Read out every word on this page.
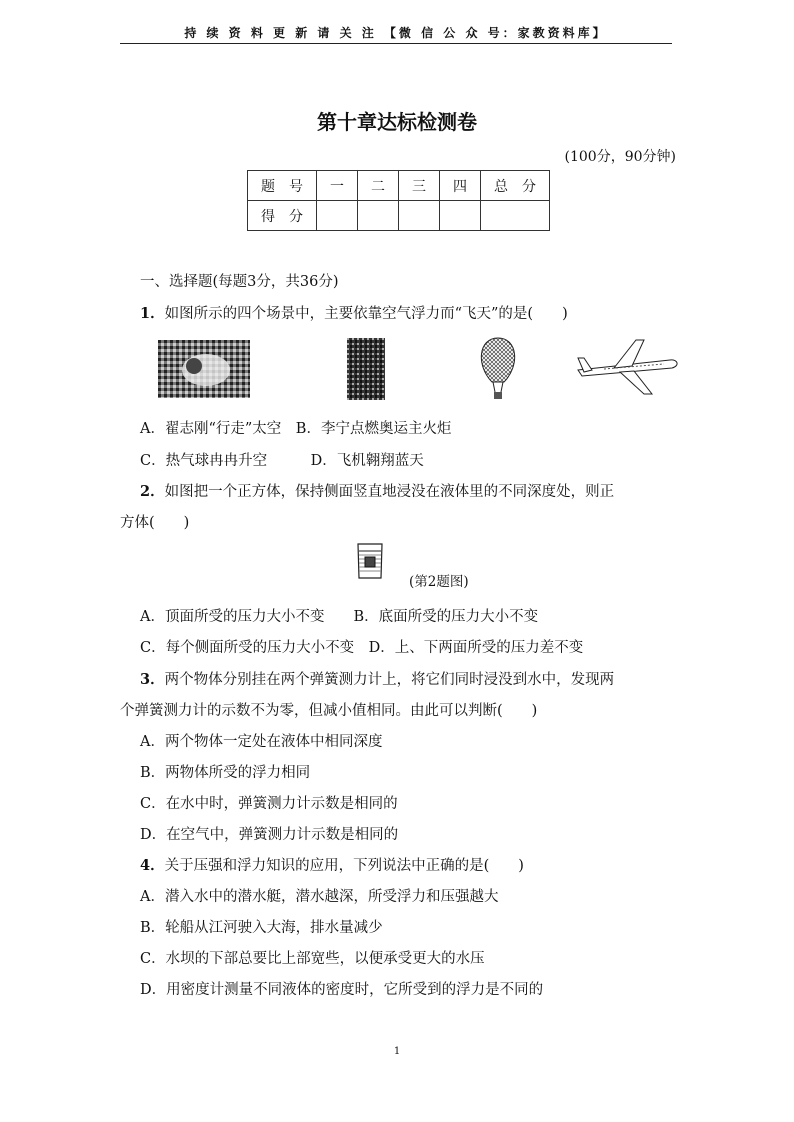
持 续 资 料 更 新 请 关 注 【微 信 公 众 号：家教资料库】
第十章达标检测卷
(100分，90分钟)
题　号	一	二	三	四	总　分
得　分					
一、选择题(每题3分，共36分)
1．如图所示的四个场景中，主要依靠空气浮力而“飞天”的是(　　)
A．翟志刚“行走”太空　B．李宁点燃奥运主火炬
C．热气球冉冉升空　　　D．飞机翱翔蓝天
2．如图把一个正方体，保持侧面竖直地浸没在液体里的不同深度处，则正
方体(　　)
(第2题图)
A．顶面所受的压力大小不变　　B．底面所受的压力大小不变
C．每个侧面所受的压力大小不变　D．上、下两面所受的压力差不变
3．两个物体分别挂在两个弹簧测力计上，将它们同时浸没到水中，发现两
个弹簧测力计的示数不为零，但减小值相同。由此可以判断(　　)
A．两个物体一定处在液体中相同深度
B．两物体所受的浮力相同
C．在水中时，弹簧测力计示数是相同的
D．在空气中，弹簧测力计示数是相同的
4．关于压强和浮力知识的应用，下列说法中正确的是(　　)
A．潜入水中的潜水艇，潜水越深，所受浮力和压强越大
B．轮船从江河驶入大海，排水量减少
C．水坝的下部总要比上部宽些，以便承受更大的水压
D．用密度计测量不同液体的密度时，它所受到的浮力是不同的
1
